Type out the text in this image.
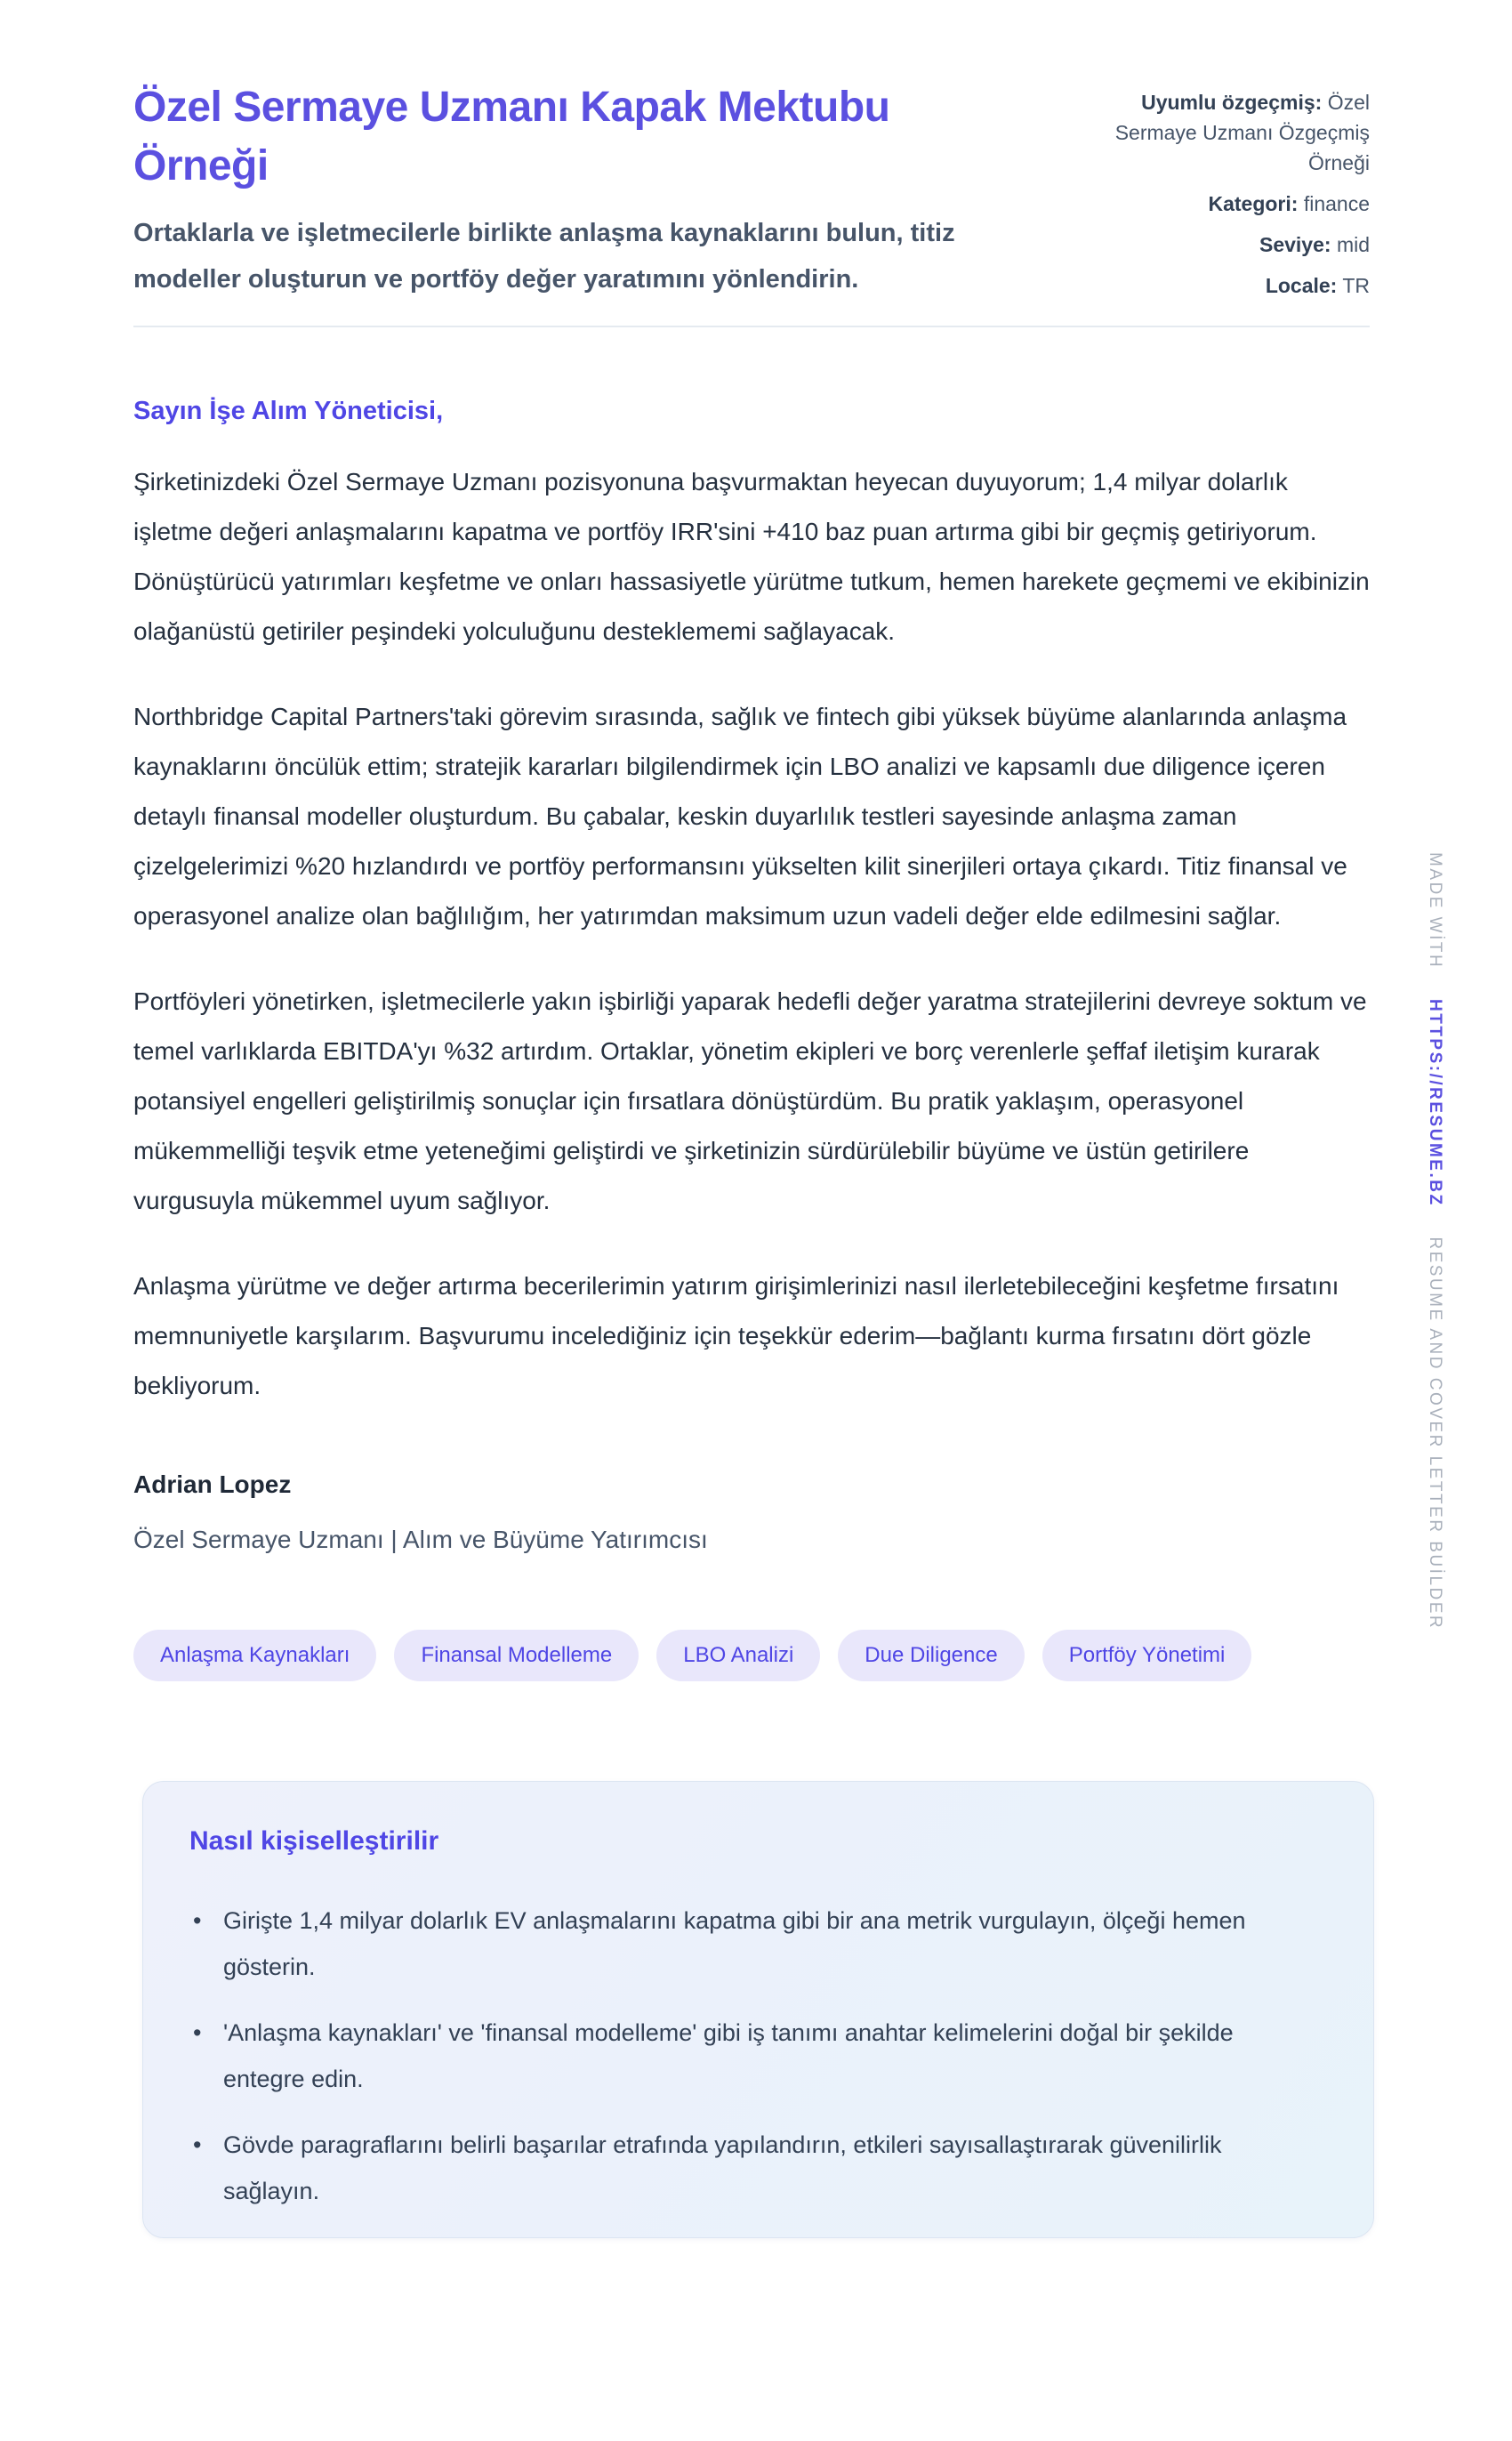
Özel Sermaye Uzmanı Kapak Mektubu Örneği

Ortaklarla ve işletmecilerle birlikte anlaşma kaynaklarını bulun, titiz modeller oluşturun ve portföy değer yaratımını yönlendirin.

Uyumlu özgeçmiş: Özel Sermaye Uzmanı Özgeçmiş Örneği
Kategori: finance
Seviye: mid
Locale: TR

Sayın İşe Alım Yöneticisi,

Şirketinizdeki Özel Sermaye Uzmanı pozisyonuna başvurmaktan heyecan duyuyorum; 1,4 milyar dolarlık işletme değeri anlaşmalarını kapatma ve portföy IRR'sini +410 baz puan artırma gibi bir geçmiş getiriyorum. Dönüştürücü yatırımları keşfetme ve onları hassasiyetle yürütme tutkum, hemen harekete geçmemi ve ekibinizin olağanüstü getiriler peşindeki yolculuğunu desteklememi sağlayacak.

Northbridge Capital Partners'taki görevim sırasında, sağlık ve fintech gibi yüksek büyüme alanlarında anlaşma kaynaklarını öncülük ettim; stratejik kararları bilgilendirmek için LBO analizi ve kapsamlı due diligence içeren detaylı finansal modeller oluşturdum. Bu çabalar, keskin duyarlılık testleri sayesinde anlaşma zaman çizelgelerimizi %20 hızlandırdı ve portföy performansını yükselten kilit sinerjileri ortaya çıkardı. Titiz finansal ve operasyonel analize olan bağlılığım, her yatırımdan maksimum uzun vadeli değer elde edilmesini sağlar.

Portföyleri yönetirken, işletmecilerle yakın işbirliği yaparak hedefli değer yaratma stratejilerini devreye soktum ve temel varlıklarda EBITDA'yı %32 artırdım. Ortaklar, yönetim ekipleri ve borç verenlerle şeffaf iletişim kurarak potansiyel engelleri geliştirilmiş sonuçlar için fırsatlara dönüştürdüm. Bu pratik yaklaşım, operasyonel mükemmelliği teşvik etme yeteneğimi geliştirdi ve şirketinizin sürdürülebilir büyüme ve üstün getirilere vurgusuyla mükemmel uyum sağlıyor.

Anlaşma yürütme ve değer artırma becerilerimin yatırım girişimlerinizi nasıl ilerletebileceğini keşfetme fırsatını memnuniyetle karşılarım. Başvurumu incelediğiniz için teşekkür ederim—bağlantı kurma fırsatını dört gözle bekliyorum.

Adrian Lopez

Özel Sermaye Uzmanı | Alım ve Büyüme Yatırımcısı

Anlaşma Kaynakları	Finansal Modelleme	LBO Analizi	Due Diligence	Portföy Yönetimi
Nasıl kişiselleştirilir
• Girişte 1,4 milyar dolarlık EV anlaşmalarını kapatma gibi bir ana metrik vurgulayın, ölçeği hemen gösterin.
• 'Anlaşma kaynakları' ve 'finansal modelleme' gibi iş tanımı anahtar kelimelerini doğal bir şekilde entegre edin.
• Gövde paragraflarını belirli başarılar etrafında yapılandırın, etkileri sayısallaştırarak güvenilirlik sağlayın.
MADE WİTH HTTPS://RESUME.BZ RESUME AND COVER LETTER BUİLDER
